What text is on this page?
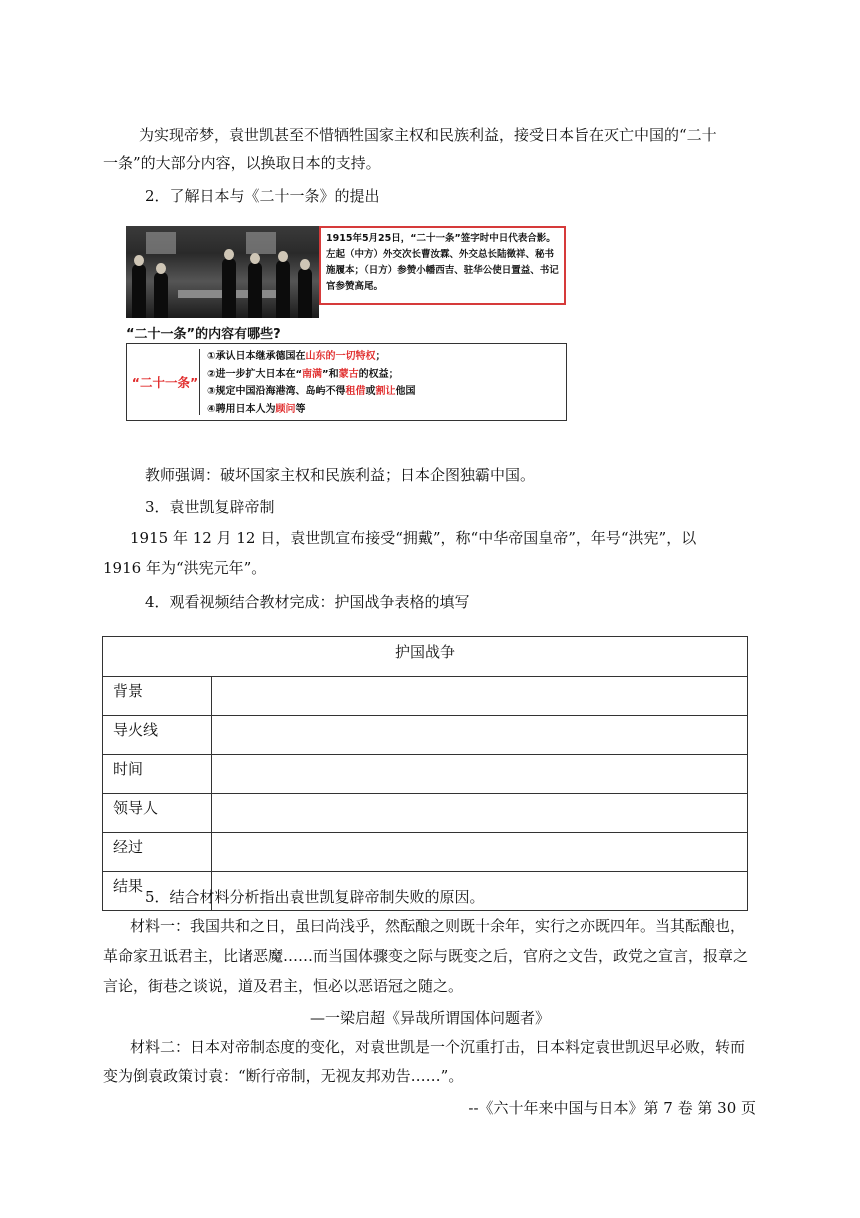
为实现帝梦，袁世凯甚至不惜牺牲国家主权和民族利益，接受日本旨在灭亡中国的“二十
一条”的大部分内容，以换取日本的支持。
2．了解日本与《二十一条》的提出
1915年5月25日，“二十一条”签字时中日代表合影。左起（中方）外交次长曹汝霖、外交总长陆徵祥、秘书施履本；（日方）参赞小幡西吉、驻华公使日置益、书记官参赞高尾。
“二十一条”的内容有哪些?
“二十一条”
①承认日本继承德国在山东的一切特权；
②进一步扩大日本在“南满”和蒙古的权益；
③规定中国沿海港湾、岛屿不得租借或割让他国
④聘用日本人为顾问等
教师强调：破坏国家主权和民族利益；日本企图独霸中国。
3．袁世凯复辟帝制
1915 年 12 月 12 日，袁世凯宣布接受“拥戴”，称“中华帝国皇帝”，年号“洪宪”，以
1916 年为“洪宪元年”。
4．观看视频结合教材完成：护国战争表格的填写
护国战争	
背景	
导火线	
时间	
领导人	
经过	
结果	
5．结合材料分析指出袁世凯复辟帝制失败的原因。
材料一：我国共和之日，虽曰尚浅乎，然酝酿之则既十余年，实行之亦既四年。当其酝酿也，
革命家丑诋君主，比诸恶魔……而当国体骤变之际与既变之后，官府之文告，政党之宣言，报章之
言论，街巷之谈说，道及君主，恒必以恶语冠之随之。
—一梁启超《异哉所谓国体问题者》
材料二：日本对帝制态度的变化，对袁世凯是一个沉重打击，日本料定袁世凯迟早必败，转而
变为倒袁政策讨袁：“断行帝制，无视友邦劝告……”。
--《六十年来中国与日本》第 7 卷 第 30 页
